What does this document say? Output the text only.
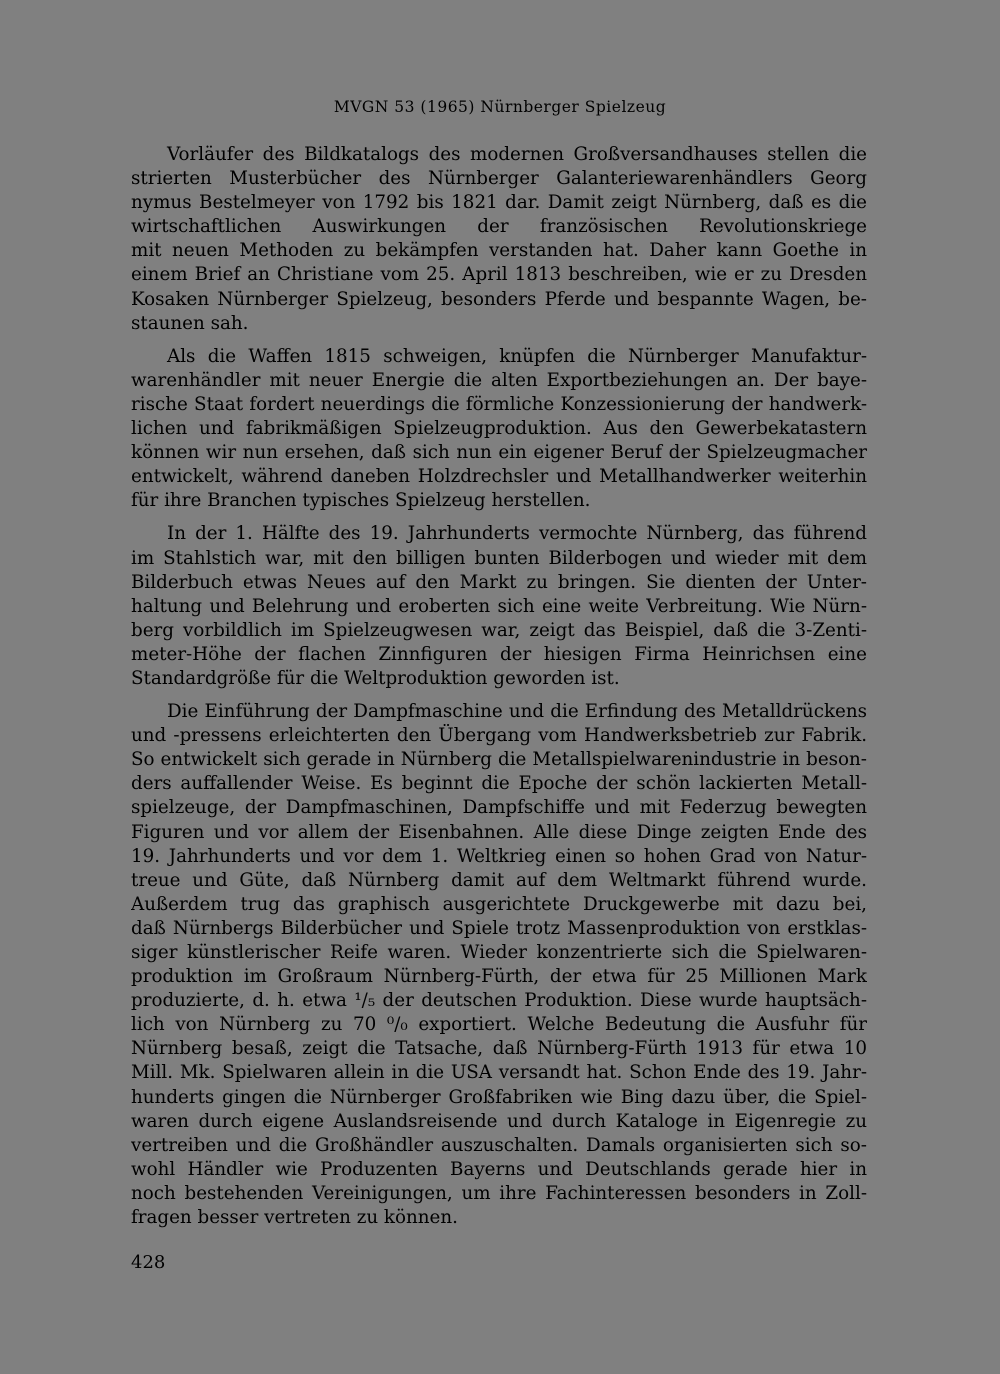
MVGN 53 (1965) Nürnberger Spielzeug
Vorläufer des Bildkatalogs des modernen Großversandhauses stellen die
strierten Musterbücher des Nürnberger Galanteriewarenhändlers Georg
nymus Bestelmeyer von 1792 bis 1821 dar. Damit zeigt Nürnberg, daß es die
wirtschaftlichen Auswirkungen der französischen Revolutionskriege
mit neuen Methoden zu bekämpfen verstanden hat. Daher kann Goethe in
einem Brief an Christiane vom 25. April 1813 beschreiben, wie er zu Dresden
Kosaken Nürnberger Spielzeug, besonders Pferde und bespannte Wagen, be-
staunen sah.
Als die Waffen 1815 schweigen, knüpfen die Nürnberger Manufaktur-
warenhändler mit neuer Energie die alten Exportbeziehungen an. Der baye-
rische Staat fordert neuerdings die förmliche Konzessionierung der handwerk-
lichen und fabrikmäßigen Spielzeugproduktion. Aus den Gewerbekatastern
können wir nun ersehen, daß sich nun ein eigener Beruf der Spielzeugmacher
entwickelt, während daneben Holzdrechsler und Metallhandwerker weiterhin
für ihre Branchen typisches Spielzeug herstellen.
In der 1. Hälfte des 19. Jahrhunderts vermochte Nürnberg, das führend
im Stahlstich war, mit den billigen bunten Bilderbogen und wieder mit dem
Bilderbuch etwas Neues auf den Markt zu bringen. Sie dienten der Unter-
haltung und Belehrung und eroberten sich eine weite Verbreitung. Wie Nürn-
berg vorbildlich im Spielzeugwesen war, zeigt das Beispiel, daß die 3-Zenti-
meter-Höhe der flachen Zinnfiguren der hiesigen Firma Heinrichsen eine
Standardgröße für die Weltproduktion geworden ist.
Die Einführung der Dampfmaschine und die Erfindung des Metalldrückens
und -pressens erleichterten den Übergang vom Handwerksbetrieb zur Fabrik.
So entwickelt sich gerade in Nürnberg die Metallspielwarenindustrie in beson-
ders auffallender Weise. Es beginnt die Epoche der schön lackierten Metall-
spielzeuge, der Dampfmaschinen, Dampfschiffe und mit Federzug bewegten
Figuren und vor allem der Eisenbahnen. Alle diese Dinge zeigten Ende des
19. Jahrhunderts und vor dem 1. Weltkrieg einen so hohen Grad von Natur-
treue und Güte, daß Nürnberg damit auf dem Weltmarkt führend wurde.
Außerdem trug das graphisch ausgerichtete Druckgewerbe mit dazu bei,
daß Nürnbergs Bilderbücher und Spiele trotz Massenproduktion von erstklas-
siger künstlerischer Reife waren. Wieder konzentrierte sich die Spielwaren-
produktion im Großraum Nürnberg-Fürth, der etwa für 25 Millionen Mark
produzierte, d. h. etwa ¹/₅ der deutschen Produktion. Diese wurde hauptsäch-
lich von Nürnberg zu 70 ⁰/₀ exportiert. Welche Bedeutung die Ausfuhr für
Nürnberg besaß, zeigt die Tatsache, daß Nürnberg-Fürth 1913 für etwa 10
Mill. Mk. Spielwaren allein in die USA versandt hat. Schon Ende des 19. Jahr-
hunderts gingen die Nürnberger Großfabriken wie Bing dazu über, die Spiel-
waren durch eigene Auslandsreisende und durch Kataloge in Eigenregie zu
vertreiben und die Großhändler auszuschalten. Damals organisierten sich so-
wohl Händler wie Produzenten Bayerns und Deutschlands gerade hier in
noch bestehenden Vereinigungen, um ihre Fachinteressen besonders in Zoll-
fragen besser vertreten zu können.
428
